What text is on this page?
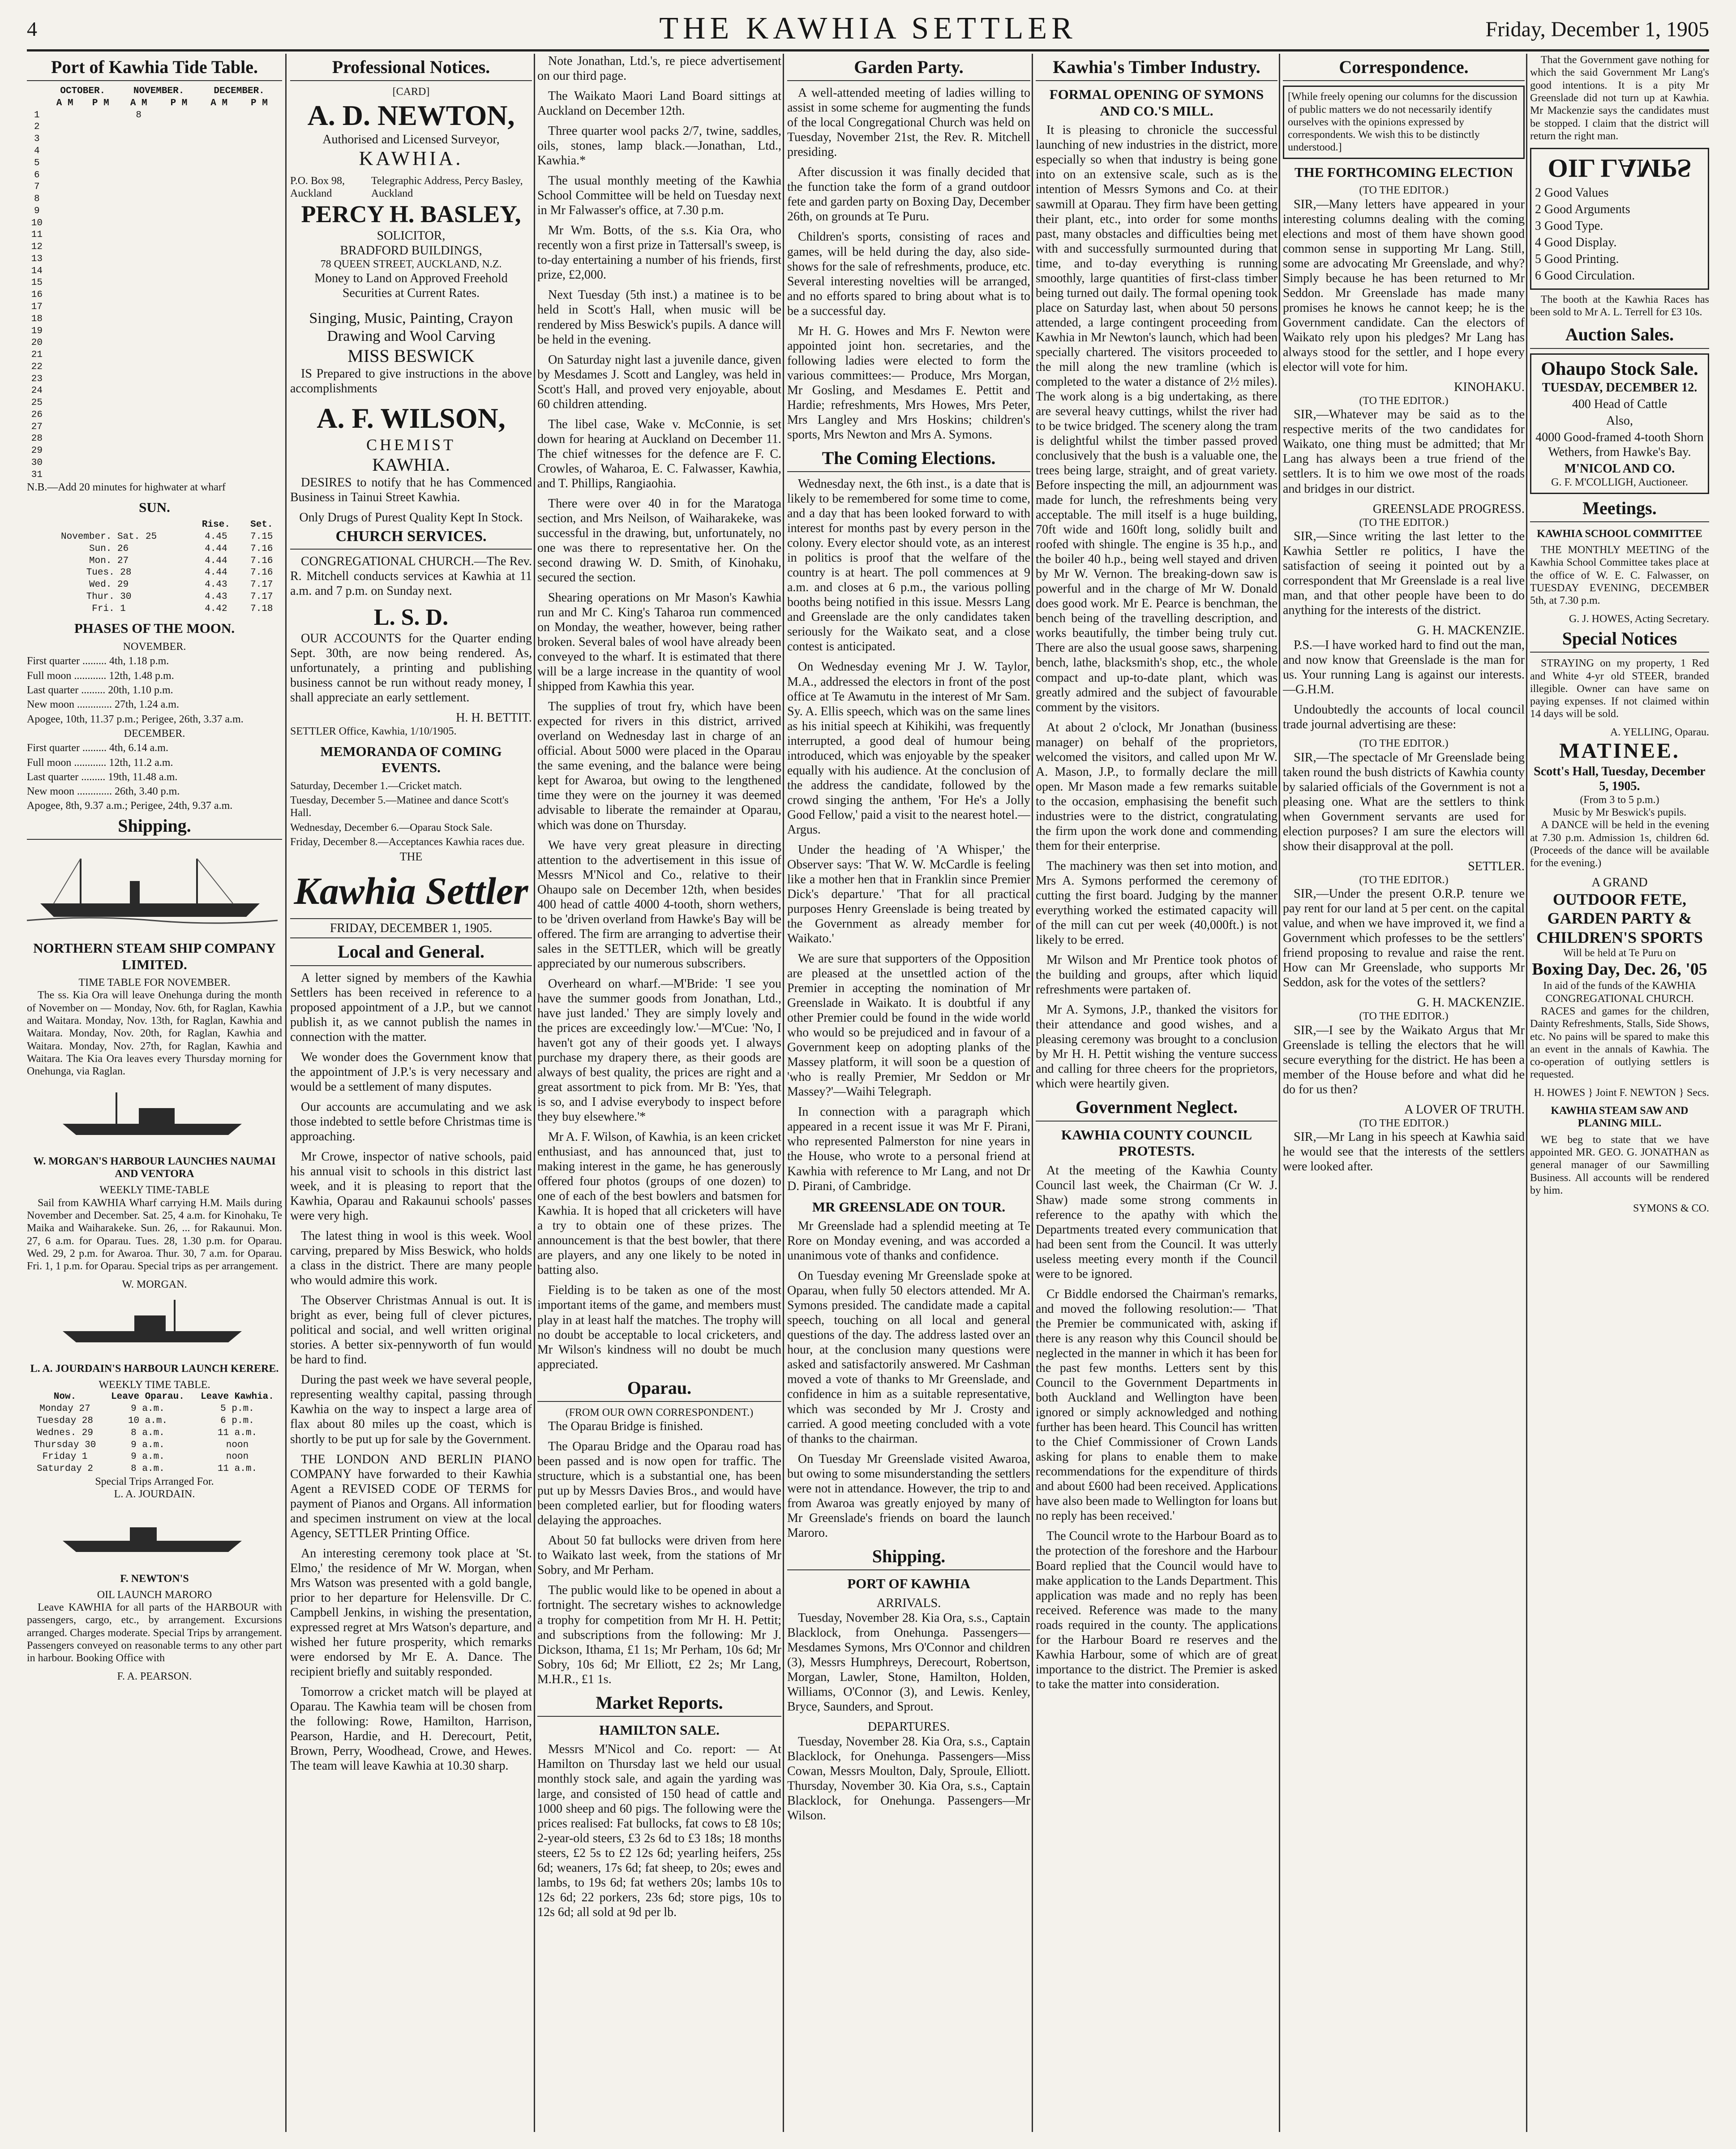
4	THE KAWHIA SETTLER	Friday, December 1, 1905
Port of Kawhia Tide Table.
	OCTOBER.		NOVEMBER.		DECEMBER.		
	A M	P M	A M	P M	A M	P M	
1			8				
2							
3							
4							
5							
6							
7							
8							
9							
10							
11							
12							
13							
14							
15							
16							
17							
18							
19							
20							
21							
22							
23							
24							
25							
26							
27							
28							
29							
30							
31							
N.B.—Add 20 minutes for highwater at wharf
SUN.
	Rise.	Set.
November. Sat. 25	4.45	7.15
Sun. 26	4.44	7.16
Mon. 27	4.44	7.16
Tues. 28	4.44	7.16
Wed. 29	4.43	7.17
Thur. 30	4.43	7.17
Fri. 1	4.42	7.18
PHASES OF THE MOON.
NOVEMBER.
First quarter ......... 4th, 1.18 p.m.
Full moon ............ 12th, 1.48 p.m.
Last quarter ......... 20th, 1.10 p.m.
New moon ............. 27th, 1.24 a.m.
Apogee, 10th, 11.37 p.m.; Perigee, 26th, 3.37 a.m.
DECEMBER.
First quarter ......... 4th, 6.14 a.m.
Full moon ............ 12th, 11.2 a.m.
Last quarter ......... 19th, 11.48 a.m.
New moon ............. 26th, 3.40 p.m.
Apogee, 8th, 9.37 a.m.; Perigee, 24th, 9.37 a.m.
Shipping.
NORTHERN STEAM SHIP COMPANY LIMITED.
TIME TABLE FOR NOVEMBER.
The ss. Kia Ora will leave Onehunga during the month of November on — Monday, Nov. 6th, for Raglan, Kawhia and Waitara. Monday, Nov. 13th, for Raglan, Kawhia and Waitara. Monday, Nov. 20th, for Raglan, Kawhia and Waitara. Monday, Nov. 27th, for Raglan, Kawhia and Waitara. The Kia Ora leaves every Thursday morning for Onehunga, via Raglan.
W. MORGAN'S HARBOUR LAUNCHES NAUMAI AND VENTORA
WEEKLY TIME-TABLE
Sail from KAWHIA Wharf carrying H.M. Mails during November and December. Sat. 25, 4 a.m. for Kinohaku, Te Maika and Waiharakeke. Sun. 26, ... for Rakaunui. Mon. 27, 6 a.m. for Oparau. Tues. 28, 1.30 p.m. for Oparau. Wed. 29, 2 p.m. for Awaroa. Thur. 30, 7 a.m. for Oparau. Fri. 1, 1 p.m. for Oparau. Special trips as per arrangement.
W. MORGAN.
L. A. JOURDAIN'S HARBOUR LAUNCH KERERE.
WEEKLY TIME TABLE.
Now.	Leave Oparau.	Leave Kawhia.
Monday 27	9 a.m.	5 p.m.
Tuesday 28	10 a.m.	6 p.m.
Wednes. 29	8 a.m.	11 a.m.
Thursday 30	9 a.m.	noon
Friday 1	9 a.m.	noon
Saturday 2	8 a.m.	11 a.m.
Special Trips Arranged For.
L. A. JOURDAIN.
F. NEWTON'S
OIL LAUNCH MARORO
Leave KAWHIA for all parts of the HARBOUR with passengers, cargo, etc., by arrangement. Excursions arranged. Charges moderate. Special Trips by arrangement. Passengers conveyed on reasonable terms to any other part in harbour. Booking Office with
F. A. PEARSON.
Professional Notices.
[CARD]
A. D. NEWTON,
Authorised and Licensed Surveyor,
KAWHIA.
P.O. Box 98, Auckland
Telegraphic Address, Percy Basley, Auckland
PERCY H. BASLEY,
SOLICITOR,
BRADFORD BUILDINGS,
78 QUEEN STREET, AUCKLAND, N.Z.
Money to Land on Approved Freehold Securities at Current Rates.
Singing, Music, Painting, Crayon Drawing and Wool Carving
MISS BESWICK
IS Prepared to give instructions in the above accomplishments
A. F. WILSON,
CHEMIST
KAWHIA.
DESIRES to notify that he has Commenced Business in Tainui Street Kawhia.
Only Drugs of Purest Quality Kept In Stock.
CHURCH SERVICES.
CONGREGATIONAL CHURCH.—The Rev. R. Mitchell conducts services at Kawhia at 11 a.m. and 7 p.m. on Sunday next.
L. S. D.
OUR ACCOUNTS for the Quarter ending Sept. 30th, are now being rendered. As, unfortunately, a printing and publishing business cannot be run without ready money, I shall appreciate an early settlement.
H. H. BETTIT.
SETTLER Office, Kawhia, 1/10/1905.
MEMORANDA OF COMING EVENTS.
Saturday, December 1.—Cricket match.
Tuesday, December 5.—Matinee and dance Scott's Hall.
Wednesday, December 6.—Oparau Stock Sale.
Friday, December 8.—Acceptances Kawhia races due.
THE
Kawhia Settler
FRIDAY, DECEMBER 1, 1905.
Local and General.
A letter signed by members of the Kawhia Settlers has been received in reference to a proposed appointment of a J.P., but we cannot publish it, as we cannot publish the names in connection with the matter.
We wonder does the Government know that the appointment of J.P.'s is very necessary and would be a settlement of many disputes.
Our accounts are accumulating and we ask those indebted to settle before Christmas time is approaching.
Mr Crowe, inspector of native schools, paid his annual visit to schools in this district last week, and it is pleasing to report that the Kawhia, Oparau and Rakaunui schools' passes were very high.
The latest thing in wool is this week. Wool carving, prepared by Miss Beswick, who holds a class in the district. There are many people who would admire this work.
The Observer Christmas Annual is out. It is bright as ever, being full of clever pictures, political and social, and well written original stories. A better six-pennyworth of fun would be hard to find.
During the past week we have several people, representing wealthy capital, passing through Kawhia on the way to inspect a large area of flax about 80 miles up the coast, which is shortly to be put up for sale by the Government.
THE LONDON AND BERLIN PIANO COMPANY have forwarded to their Kawhia Agent a REVISED CODE OF TERMS for payment of Pianos and Organs. All information and specimen instrument on view at the local Agency, SETTLER Printing Office.
An interesting ceremony took place at 'St. Elmo,' the residence of Mr W. Morgan, when Mrs Watson was presented with a gold bangle, prior to her departure for Helensville. Dr C. Campbell Jenkins, in wishing the presentation, expressed regret at Mrs Watson's departure, and wished her future prosperity, which remarks were endorsed by Mr E. A. Dance. The recipient briefly and suitably responded.
Tomorrow a cricket match will be played at Oparau. The Kawhia team will be chosen from the following: Rowe, Hamilton, Harrison, Pearson, Hardie, and H. Derecourt, Petit, Brown, Perry, Woodhead, Crowe, and Hewes. The team will leave Kawhia at 10.30 sharp.
Note Jonathan, Ltd.'s, re piece advertisement on our third page.
The Waikato Maori Land Board sittings at Auckland on December 12th.
Three quarter wool packs 2/7, twine, saddles, oils, stones, lamp black.—Jonathan, Ltd., Kawhia.*
The usual monthly meeting of the Kawhia School Committee will be held on Tuesday next in Mr Falwasser's office, at 7.30 p.m.
Mr Wm. Botts, of the s.s. Kia Ora, who recently won a first prize in Tattersall's sweep, is to-day entertaining a number of his friends, first prize, £2,000.
Next Tuesday (5th inst.) a matinee is to be held in Scott's Hall, when music will be rendered by Miss Beswick's pupils. A dance will be held in the evening.
On Saturday night last a juvenile dance, given by Mesdames J. Scott and Langley, was held in Scott's Hall, and proved very enjoyable, about 60 children attending.
The libel case, Wake v. McConnie, is set down for hearing at Auckland on December 11. The chief witnesses for the defence are F. C. Crowles, of Waharoa, E. C. Falwasser, Kawhia, and T. Phillips, Rangiaohia.
There were over 40 in for the Maratoga section, and Mrs Neilson, of Waiharakeke, was successful in the drawing, but, unfortunately, no one was there to representative her. On the second drawing W. D. Smith, of Kinohaku, secured the section.
Shearing operations on Mr Mason's Kawhia run and Mr C. King's Taharoa run commenced on Monday, the weather, however, being rather broken. Several bales of wool have already been conveyed to the wharf. It is estimated that there will be a large increase in the quantity of wool shipped from Kawhia this year.
The supplies of trout fry, which have been expected for rivers in this district, arrived overland on Wednesday last in charge of an official. About 5000 were placed in the Oparau the same evening, and the balance were being kept for Awaroa, but owing to the lengthened time they were on the journey it was deemed advisable to liberate the remainder at Oparau, which was done on Thursday.
We have very great pleasure in directing attention to the advertisement in this issue of Messrs M'Nicol and Co., relative to their Ohaupo sale on December 12th, when besides 400 head of cattle 4000 4-tooth, shorn wethers, to be 'driven overland from Hawke's Bay will be offered. The firm are arranging to advertise their sales in the SETTLER, which will be greatly appreciated by our numerous subscribers.
Overheard on wharf.—M'Bride: 'I see you have the summer goods from Jonathan, Ltd., have just landed.' They are simply lovely and the prices are exceedingly low.'—M'Cue: 'No, I haven't got any of their goods yet. I always purchase my drapery there, as their goods are always of best quality, the prices are right and a great assortment to pick from. Mr B: 'Yes, that is so, and I advise everybody to inspect before they buy elsewhere.'*
Mr A. F. Wilson, of Kawhia, is an keen cricket enthusiast, and has announced that, just to making interest in the game, he has generously offered four photos (groups of one dozen) to one of each of the best bowlers and batsmen for Kawhia. It is hoped that all cricketers will have a try to obtain one of these prizes. The announcement is that the best bowler, that there are players, and any one likely to be noted in batting also.
Fielding is to be taken as one of the most important items of the game, and members must play in at least half the matches. The trophy will no doubt be acceptable to local cricketers, and Mr Wilson's kindness will no doubt be much appreciated.
Oparau.
(FROM OUR OWN CORRESPONDENT.)
The Oparau Bridge is finished.
The Oparau Bridge and the Oparau road has been passed and is now open for traffic. The structure, which is a substantial one, has been put up by Messrs Davies Bros., and would have been completed earlier, but for flooding waters delaying the approaches.
About 50 fat bullocks were driven from here to Waikato last week, from the stations of Mr Sobry, and Mr Perham.
The public would like to be opened in about a fortnight. The secretary wishes to acknowledge a trophy for competition from Mr H. H. Pettit; and subscriptions from the following: Mr J. Dickson, Ithama, £1 1s; Mr Perham, 10s 6d; Mr Sobry, 10s 6d; Mr Elliott, £2 2s; Mr Lang, M.H.R., £1 1s.
Market Reports.
HAMILTON SALE.
Messrs M'Nicol and Co. report: — At Hamilton on Thursday last we held our usual monthly stock sale, and again the yarding was large, and consisted of 150 head of cattle and 1000 sheep and 60 pigs. The following were the prices realised: Fat bullocks, fat cows to £8 10s; 2-year-old steers, £3 2s 6d to £3 18s; 18 months steers, £2 5s to £2 12s 6d; yearling heifers, 25s 6d; weaners, 17s 6d; fat sheep, to 20s; ewes and lambs, to 19s 6d; fat wethers 20s; lambs 10s to 12s 6d; 22 porkers, 23s 6d; store pigs, 10s to 12s 6d; all sold at 9d per lb.
Garden Party.
A well-attended meeting of ladies willing to assist in some scheme for augmenting the funds of the local Congregational Church was held on Tuesday, November 21st, the Rev. R. Mitchell presiding.
After discussion it was finally decided that the function take the form of a grand outdoor fete and garden party on Boxing Day, December 26th, on grounds at Te Puru.
Children's sports, consisting of races and games, will be held during the day, also side-shows for the sale of refreshments, produce, etc. Several interesting novelties will be arranged, and no efforts spared to bring about what is to be a successful day.
Mr H. G. Howes and Mrs F. Newton were appointed joint hon. secretaries, and the following ladies were elected to form the various committees:— Produce, Mrs Morgan, Mr Gosling, and Mesdames E. Pettit and Hardie; refreshments, Mrs Howes, Mrs Peter, Mrs Langley and Mrs Hoskins; children's sports, Mrs Newton and Mrs A. Symons.
The Coming Elections.
Wednesday next, the 6th inst., is a date that is likely to be remembered for some time to come, and a day that has been looked forward to with interest for months past by every person in the colony. Every elector should vote, as an interest in politics is proof that the welfare of the country is at heart. The poll commences at 9 a.m. and closes at 6 p.m., the various polling booths being notified in this issue. Messrs Lang and Greenslade are the only candidates taken seriously for the Waikato seat, and a close contest is anticipated.
On Wednesday evening Mr J. W. Taylor, M.A., addressed the electors in front of the post office at Te Awamutu in the interest of Mr Sam. Sy. A. Ellis speech, which was on the same lines as his initial speech at Kihikihi, was frequently interrupted, a good deal of humour being introduced, which was enjoyable by the speaker equally with his audience. At the conclusion of the address the candidate, followed by the crowd singing the anthem, 'For He's a Jolly Good Fellow,' paid a visit to the nearest hotel.—Argus.
Under the heading of 'A Whisper,' the Observer says: 'That W. W. McCardle is feeling like a mother hen that in Franklin since Premier Dick's departure.' 'That for all practical purposes Henry Greenslade is being treated by the Government as already member for Waikato.'
We are sure that supporters of the Opposition are pleased at the unsettled action of the Premier in accepting the nomination of Mr Greenslade in Waikato. It is doubtful if any other Premier could be found in the wide world who would so be prejudiced and in favour of a Government keep on adopting planks of the Massey platform, it will soon be a question of 'who is really Premier, Mr Seddon or Mr Massey?'—Waihi Telegraph.
In connection with a paragraph which appeared in a recent issue it was Mr F. Pirani, who represented Palmerston for nine years in the House, who wrote to a personal friend at Kawhia with reference to Mr Lang, and not Dr D. Pirani, of Cambridge.
MR GREENSLADE ON TOUR.
Mr Greenslade had a splendid meeting at Te Rore on Monday evening, and was accorded a unanimous vote of thanks and confidence.
On Tuesday evening Mr Greenslade spoke at Oparau, when fully 50 electors attended. Mr A. Symons presided. The candidate made a capital speech, touching on all local and general questions of the day. The address lasted over an hour, at the conclusion many questions were asked and satisfactorily answered. Mr Cashman moved a vote of thanks to Mr Greenslade, and confidence in him as a suitable representative, which was seconded by Mr J. Crosty and carried. A good meeting concluded with a vote of thanks to the chairman.
On Tuesday Mr Greenslade visited Awaroa, but owing to some misunderstanding the settlers were not in attendance. However, the trip to and from Awaroa was greatly enjoyed by many of Mr Greenslade's friends on board the launch Maroro.
Shipping.
PORT OF KAWHIA
ARRIVALS.
Tuesday, November 28. Kia Ora, s.s., Captain Blacklock, from Onehunga. Passengers—Mesdames Symons, Mrs O'Connor and children (3), Messrs Humphreys, Derecourt, Robertson, Morgan, Lawler, Stone, Hamilton, Holden, Williams, O'Connor (3), and Lewis. Kenley, Bryce, Saunders, and Sprout.
DEPARTURES.
Tuesday, November 28. Kia Ora, s.s., Captain Blacklock, for Onehunga. Passengers—Miss Cowan, Messrs Moulton, Daly, Sproule, Elliott. Thursday, November 30. Kia Ora, s.s., Captain Blacklock, for Onehunga. Passengers—Mr Wilson.
Kawhia's Timber Industry.
FORMAL OPENING OF SYMONS AND CO.'S MILL.
It is pleasing to chronicle the successful launching of new industries in the district, more especially so when that industry is being gone into on an extensive scale, such as is the intention of Messrs Symons and Co. at their sawmill at Oparau. They firm have been getting their plant, etc., into order for some months past, many obstacles and difficulties being met with and successfully surmounted during that time, and to-day everything is running smoothly, large quantities of first-class timber being turned out daily. The formal opening took place on Saturday last, when about 50 persons attended, a large contingent proceeding from Kawhia in Mr Newton's launch, which had been specially chartered. The visitors proceeded to the mill along the new tramline (which is completed to the water a distance of 2½ miles). The work along is a big undertaking, as there are several heavy cuttings, whilst the river had to be twice bridged. The scenery along the tram is delightful whilst the timber passed proved conclusively that the bush is a valuable one, the trees being large, straight, and of great variety. Before inspecting the mill, an adjournment was made for lunch, the refreshments being very acceptable. The mill itself is a huge building, 70ft wide and 160ft long, solidly built and roofed with shingle. The engine is 35 h.p., and the boiler 40 h.p., being well stayed and driven by Mr W. Vernon. The breaking-down saw is powerful and in the charge of Mr W. Donald does good work. Mr E. Pearce is benchman, the bench being of the travelling description, and works beautifully, the timber being truly cut. There are also the usual goose saws, sharpening bench, lathe, blacksmith's shop, etc., the whole compact and up-to-date plant, which was greatly admired and the subject of favourable comment by the visitors.
At about 2 o'clock, Mr Jonathan (business manager) on behalf of the proprietors, welcomed the visitors, and called upon Mr W. A. Mason, J.P., to formally declare the mill open. Mr Mason made a few remarks suitable to the occasion, emphasising the benefit such industries were to the district, congratulating the firm upon the work done and commending them for their enterprise.
The machinery was then set into motion, and Mrs A. Symons performed the ceremony of cutting the first board. Judging by the manner everything worked the estimated capacity will of the mill can cut per week (40,000ft.) is not likely to be erred.
Mr Wilson and Mr Prentice took photos of the building and groups, after which liquid refreshments were partaken of.
Mr A. Symons, J.P., thanked the visitors for their attendance and good wishes, and a pleasing ceremony was brought to a conclusion by Mr H. H. Pettit wishing the venture success and calling for three cheers for the proprietors, which were heartily given.
Government Neglect.
KAWHIA COUNTY COUNCIL PROTESTS.
At the meeting of the Kawhia County Council last week, the Chairman (Cr W. J. Shaw) made some strong comments in reference to the apathy with which the Departments treated every communication that had been sent from the Council. It was utterly useless meeting every month if the Council were to be ignored.
Cr Biddle endorsed the Chairman's remarks, and moved the following resolution:— 'That the Premier be communicated with, asking if there is any reason why this Council should be neglected in the manner in which it has been for the past few months. Letters sent by this Council to the Government Departments in both Auckland and Wellington have been ignored or simply acknowledged and nothing further has been heard. This Council has written to the Chief Commissioner of Crown Lands asking for plans to enable them to make recommendations for the expenditure of thirds and about £600 had been received. Applications have also been made to Wellington for loans but no reply has been received.'
The Council wrote to the Harbour Board as to the protection of the foreshore and the Harbour Board replied that the Council would have to make application to the Lands Department. This application was made and no reply has been received. Reference was made to the many roads required in the county. The applications for the Harbour Board re reserves and the Kawhia Harbour, some of which are of great importance to the district. The Premier is asked to take the matter into consideration.
Correspondence.
[While freely opening our columns for the discussion of public matters we do not necessarily identify ourselves with the opinions expressed by correspondents. We wish this to be distinctly understood.]
THE FORTHCOMING ELECTION
(TO THE EDITOR.)
SIR,—Many letters have appeared in your interesting columns dealing with the coming elections and most of them have shown good common sense in supporting Mr Lang. Still, some are advocating Mr Greenslade, and why? Simply because he has been returned to Mr Seddon. Mr Greenslade has made many promises he knows he cannot keep; he is the Government candidate. Can the electors of Waikato rely upon his pledges? Mr Lang has always stood for the settler, and I hope every elector will vote for him.
KINOHAKU.
(TO THE EDITOR.)
SIR,—Whatever may be said as to the respective merits of the two candidates for Waikato, one thing must be admitted; that Mr Lang has always been a true friend of the settlers. It is to him we owe most of the roads and bridges in our district.
GREENSLADE PROGRESS.
(TO THE EDITOR.)
SIR,—Since writing the last letter to the Kawhia Settler re politics, I have the satisfaction of seeing it pointed out by a correspondent that Mr Greenslade is a real live man, and that other people have been to do anything for the interests of the district.
G. H. MACKENZIE.
P.S.—I have worked hard to find out the man, and now know that Greenslade is the man for us. Your running Lang is against our interests.—G.H.M.
Undoubtedly the accounts of local council trade journal advertising are these:
(TO THE EDITOR.)
SIR,—The spectacle of Mr Greenslade being taken round the bush districts of Kawhia county by salaried officials of the Government is not a pleasing one. What are the settlers to think when Government servants are used for election purposes? I am sure the electors will show their disapproval at the poll.
SETTLER.
(TO THE EDITOR.)
SIR,—Under the present O.R.P. tenure we pay rent for our land at 5 per cent. on the capital value, and when we have improved it, we find a Government which professes to be the settlers' friend proposing to revalue and raise the rent. How can Mr Greenslade, who supports Mr Seddon, ask for the votes of the settlers?
G. H. MACKENZIE.
(TO THE EDITOR.)
SIR,—I see by the Waikato Argus that Mr Greenslade is telling the electors that he will secure everything for the district. He has been a member of the House before and what did he do for us then?
A LOVER OF TRUTH.
(TO THE EDITOR.)
SIR,—Mr Lang in his speech at Kawhia said he would see that the interests of the settlers were looked after.
That the Government gave nothing for which the said Government Mr Lang's good intentions. It is a pity Mr Greenslade did not turn up at Kawhia. Mr Mackenzie says the candidates must be stopped. I claim that the district will return the right man.
OIL LAMPS
2 Good Values
2 Good Arguments
3 Good Type.
4 Good Display.
5 Good Printing.
6 Good Circulation.
The booth at the Kawhia Races has been sold to Mr A. L. Terrell for £3 10s.
Auction Sales.
Ohaupo Stock Sale.
TUESDAY, DECEMBER 12.
400 Head of Cattle
Also,
4000 Good-framed 4-tooth Shorn Wethers, from Hawke's Bay.
M'NICOL AND CO.
G. F. M'COLLIGH, Auctioneer.
Meetings.
KAWHIA SCHOOL COMMITTEE
THE MONTHLY MEETING of the Kawhia School Committee takes place at the office of W. E. C. Falwasser, on TUESDAY EVENING, DECEMBER 5th, at 7.30 p.m.
G. J. HOWES, Acting Secretary.
Special Notices
STRAYING on my property, 1 Red and White 4-yr old STEER, branded illegible. Owner can have same on paying expenses. If not claimed within 14 days will be sold.
A. YELLING, Oparau.
MATINEE.
Scott's Hall, Tuesday, December 5, 1905.
(From 3 to 5 p.m.)
Music by Mr Beswick's pupils.
A DANCE will be held in the evening at 7.30 p.m. Admission 1s, children 6d. (Proceeds of the dance will be available for the evening.)
A GRAND
OUTDOOR FETE, GARDEN PARTY & CHILDREN'S SPORTS
Will be held at Te Puru on
Boxing Day, Dec. 26, '05
In aid of the funds of the KAWHIA CONGREGATIONAL CHURCH.
RACES and games for the children, Dainty Refreshments, Stalls, Side Shows, etc. No pains will be spared to make this an event in the annals of Kawhia. The co-operation of outlying settlers is requested.
H. HOWES } Joint F. NEWTON } Secs.
KAWHIA STEAM SAW AND PLANING MILL.
WE beg to state that we have appointed MR. GEO. G. JONATHAN as general manager of our Sawmilling Business. All accounts will be rendered by him.
SYMONS & CO.
